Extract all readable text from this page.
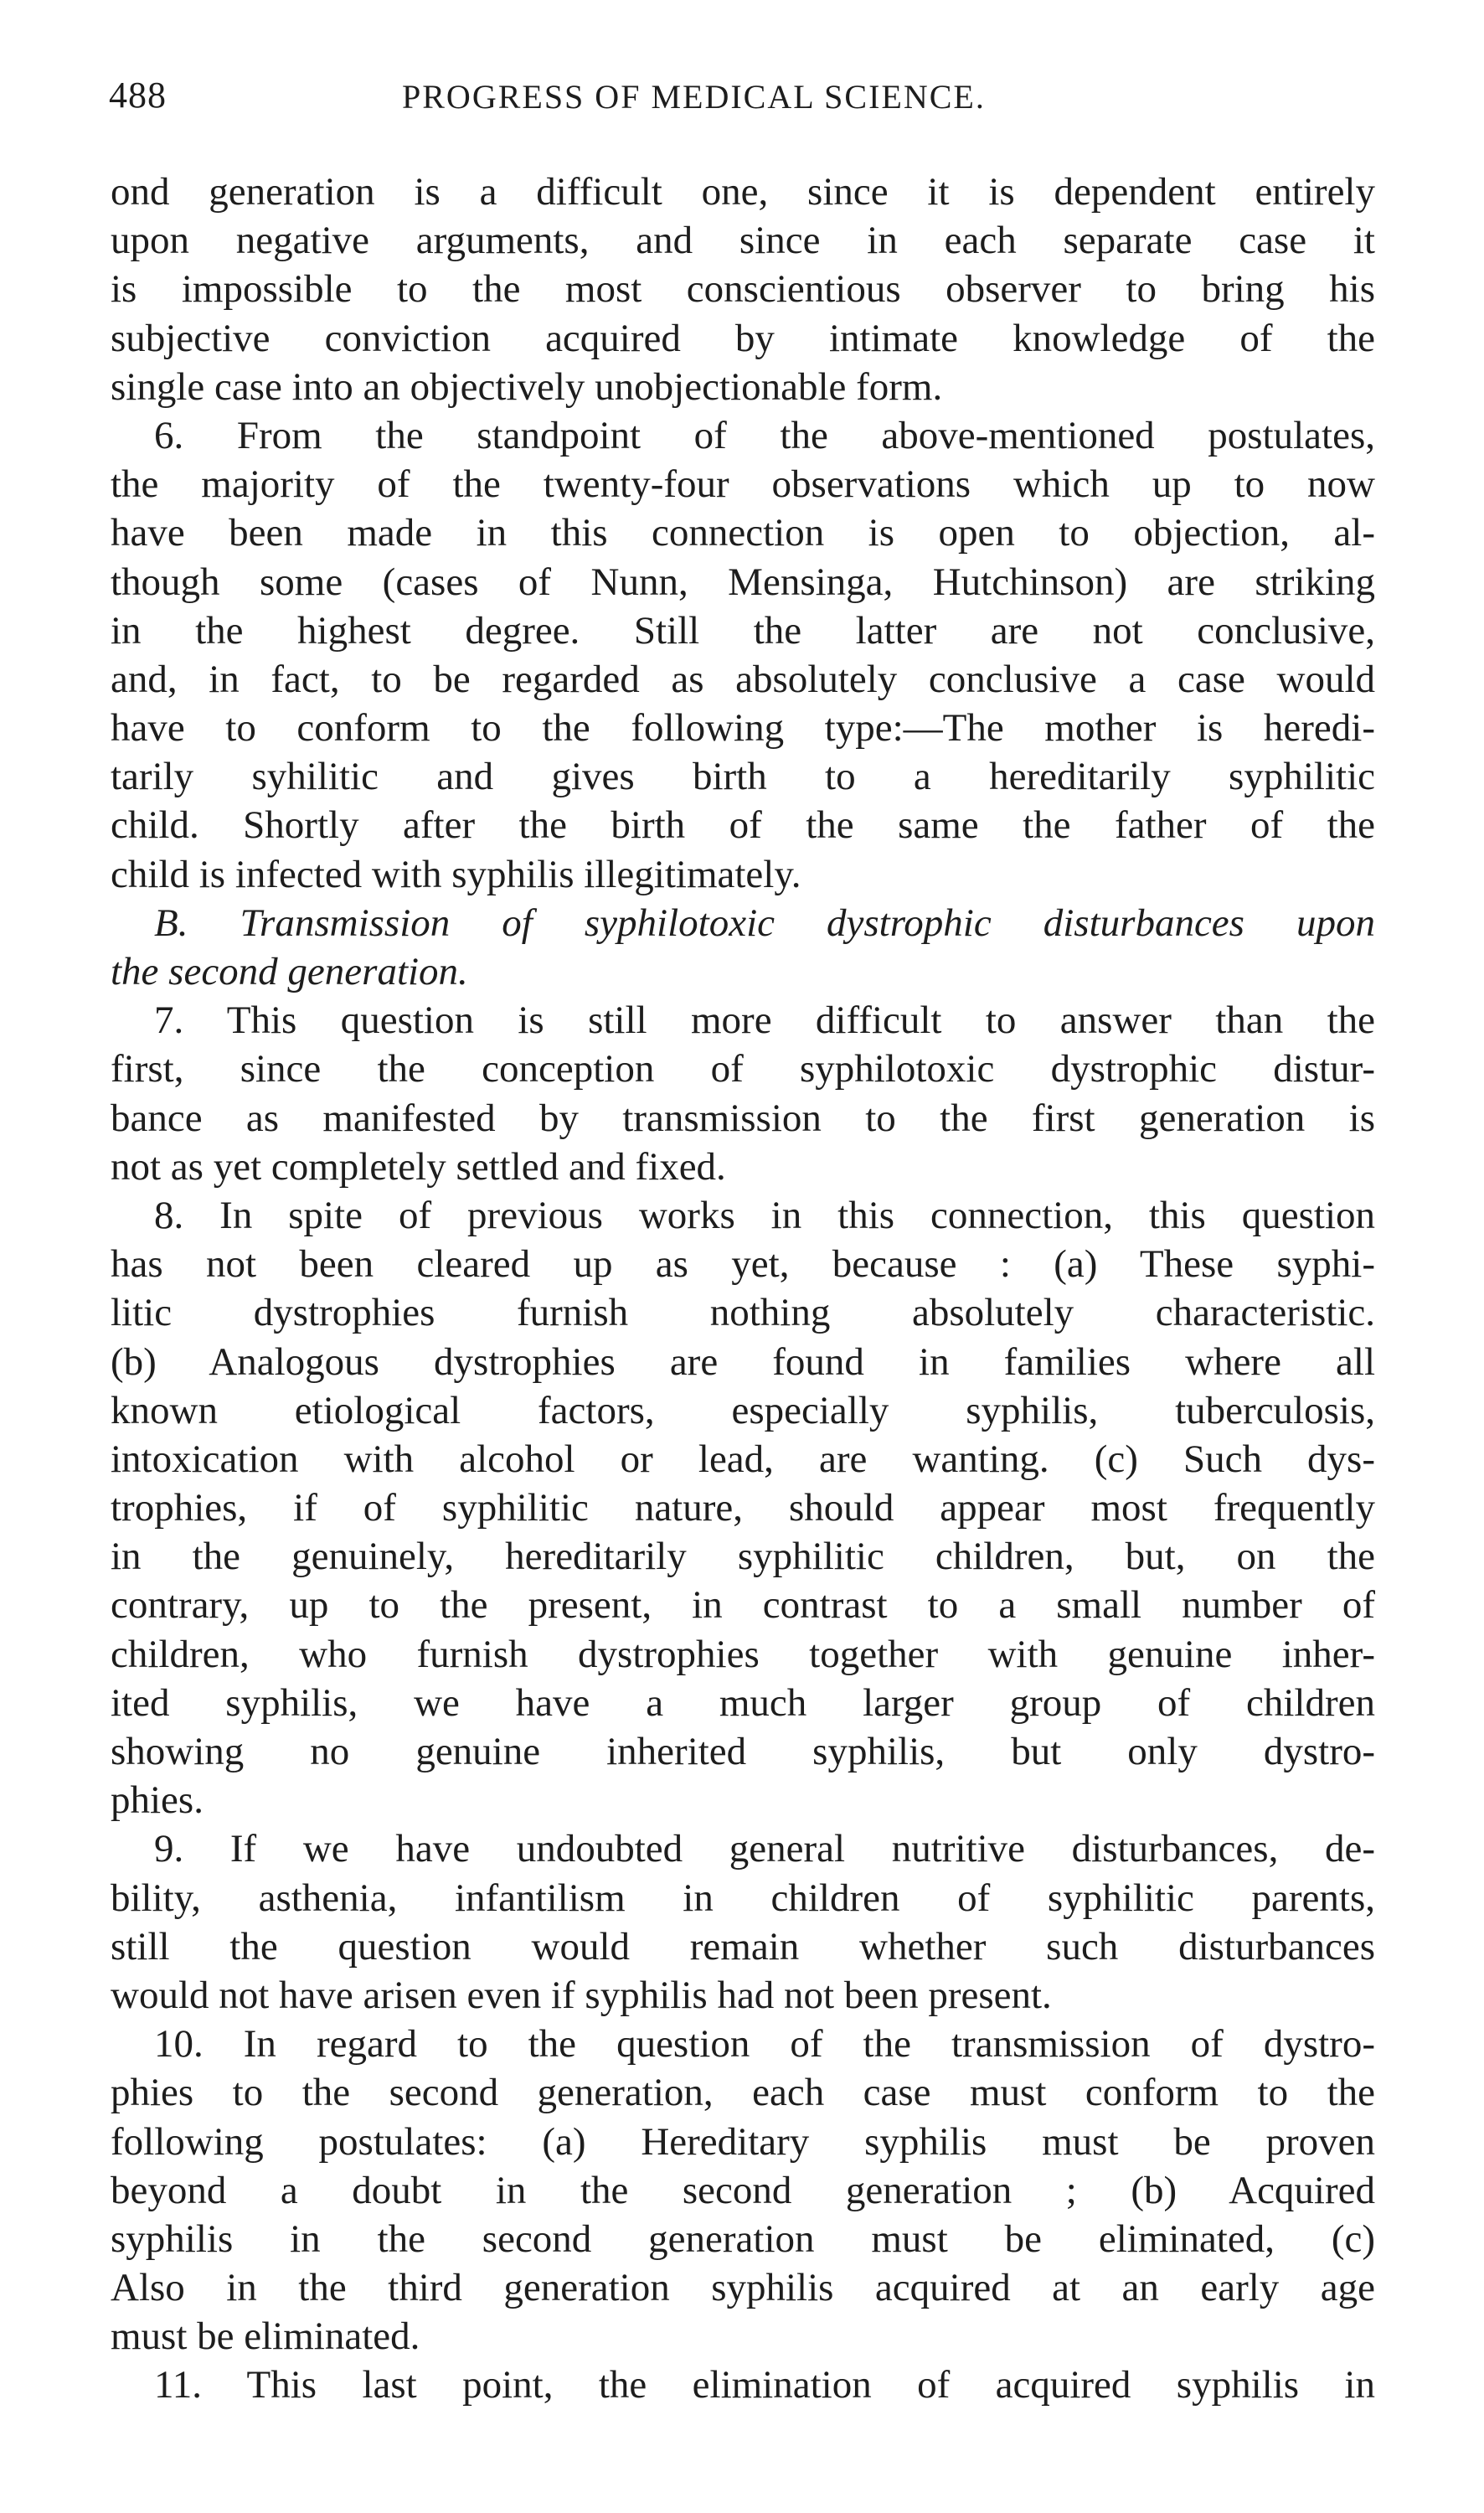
488	PROGRESS OF MEDICAL SCIENCE.
ond generation is a difficult one, since it is dependent entirely
upon negative arguments, and since in each separate case it
is impossible to the most conscientious observer to bring his
subjective conviction acquired by intimate knowledge of the
single case into an objectively unobjectionable form.
6. From the standpoint of the above-mentioned postulates,
the majority of the twenty-four observations which up to now
have been made in this connection is open to objection, al-
though some (cases of Nunn, Mensinga, Hutchinson) are striking
in the highest degree. Still the latter are not conclusive,
and, in fact, to be regarded as absolutely conclusive a case would
have to conform to the following type:—The mother is heredi-
tarily syhilitic and gives birth to a hereditarily syphilitic
child. Shortly after the birth of the same the father of the
child is infected with syphilis illegitimately.
B. Transmission of syphilotoxic dystrophic disturbances upon
the second generation.
7. This question is still more difficult to answer than the
first, since the conception of syphilotoxic dystrophic distur-
bance as manifested by transmission to the first generation is
not as yet completely settled and fixed.
8. In spite of previous works in this connection, this question
has not been cleared up as yet, because : (a) These syphi-
litic dystrophies furnish nothing absolutely characteristic.
(b) Analogous dystrophies are found in families where all
known etiological factors, especially syphilis, tuberculosis,
intoxication with alcohol or lead, are wanting. (c) Such dys-
trophies, if of syphilitic nature, should appear most frequently
in the genuinely, hereditarily syphilitic children, but, on the
contrary, up to the present, in contrast to a small number of
children, who furnish dystrophies together with genuine inher-
ited syphilis, we have a much larger group of children
showing no genuine inherited syphilis, but only dystro-
phies.
9. If we have undoubted general nutritive disturbances, de-
bility, asthenia, infantilism in children of syphilitic parents,
still the question would remain whether such disturbances
would not have arisen even if syphilis had not been present.
10. In regard to the question of the transmission of dystro-
phies to the second generation, each case must conform to the
following postulates: (a) Hereditary syphilis must be proven
beyond a doubt in the second generation ; (b) Acquired
syphilis in the second generation must be eliminated, (c)
Also in the third generation syphilis acquired at an early age
must be eliminated.
11. This last point, the elimination of acquired syphilis in
